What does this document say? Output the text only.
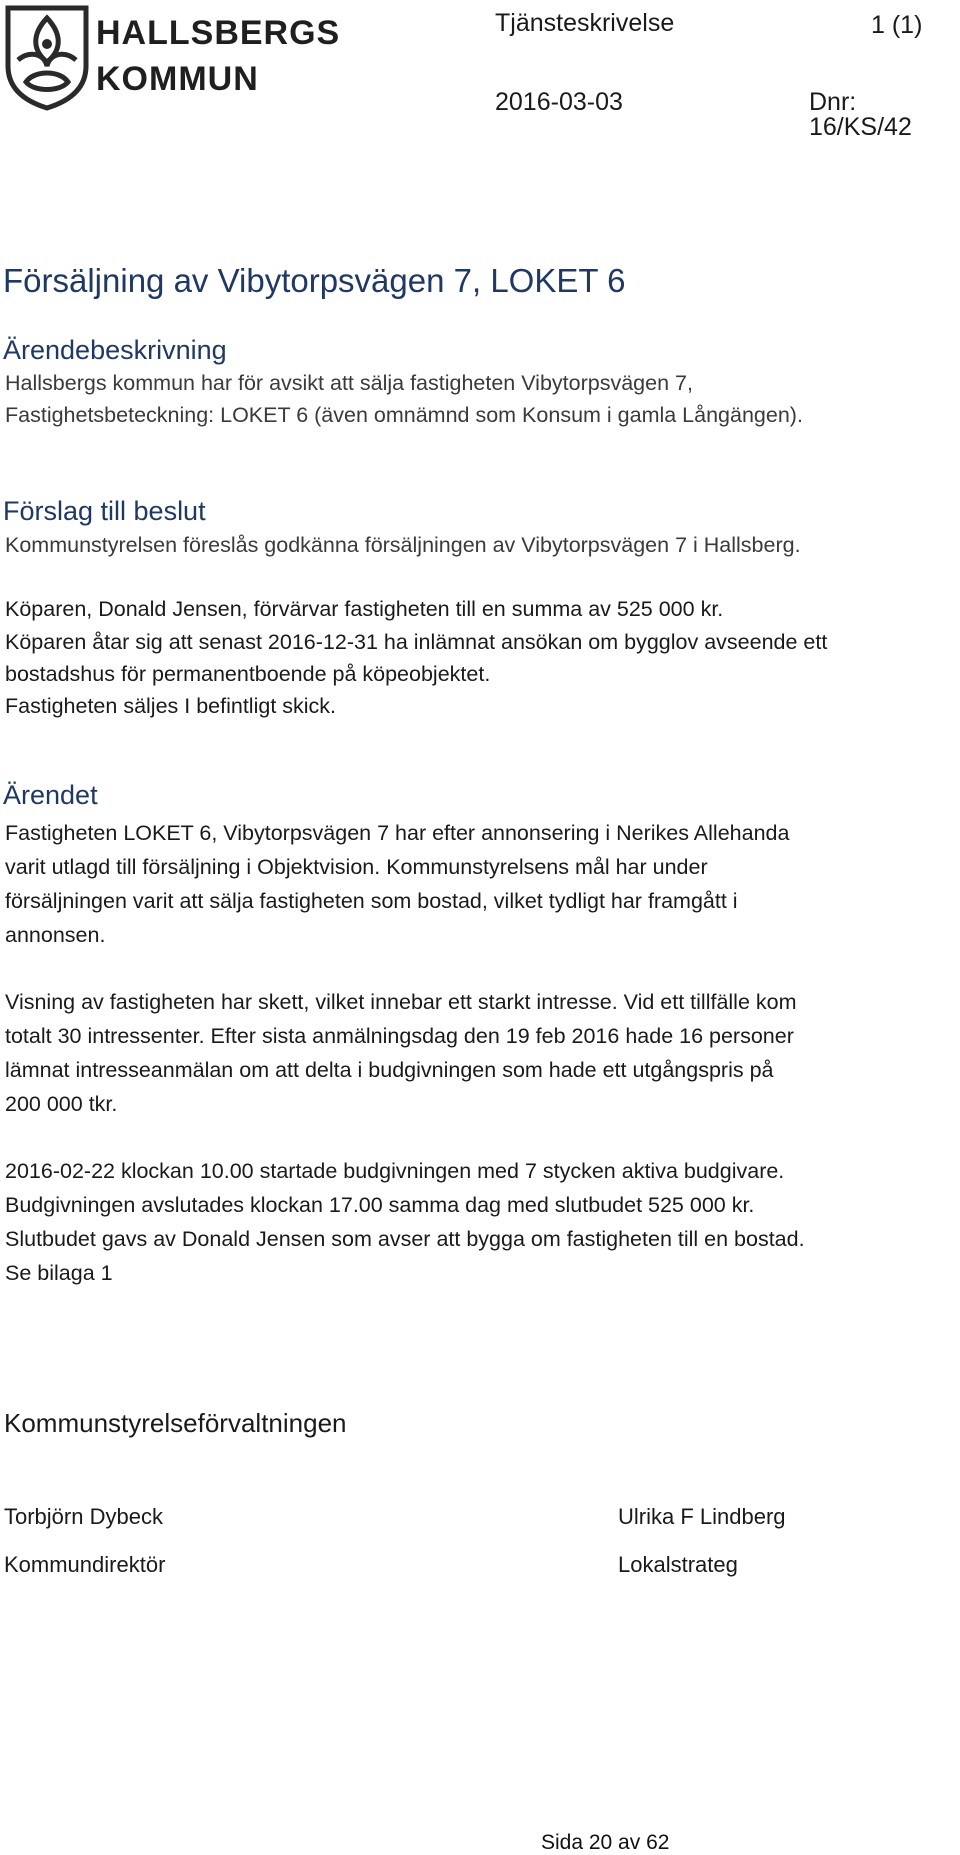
HALLSBERGS
KOMMUN
Tjänsteskrivelse	1 (1)
2016-03-03	Dnr: 16/KS/42
Försäljning av Vibytorpsvägen 7, LOKET 6
Ärendebeskrivning
Hallsbergs kommun har för avsikt att sälja fastigheten Vibytorpsvägen 7,
Fastighetsbeteckning: LOKET 6 (även omnämnd som Konsum i gamla Långängen).
Förslag till beslut
Kommunstyrelsen föreslås godkänna försäljningen av Vibytorpsvägen 7 i Hallsberg.
Köparen, Donald Jensen, förvärvar fastigheten till en summa av 525 000 kr.
Köparen åtar sig att senast 2016-12-31 ha inlämnat ansökan om bygglov avseende ett
bostadshus för permanentboende på köpeobjektet.
Fastigheten säljes I befintligt skick.
Ärendet
Fastigheten LOKET 6, Vibytorpsvägen 7 har efter annonsering i Nerikes Allehanda
varit utlagd till försäljning i Objektvision. Kommunstyrelsens mål har under
försäljningen varit att sälja fastigheten som bostad, vilket tydligt har framgått i
annonsen.
Visning av fastigheten har skett, vilket innebar ett starkt intresse. Vid ett tillfälle kom
totalt 30 intressenter. Efter sista anmälningsdag den 19 feb 2016 hade 16 personer
lämnat intresseanmälan om att delta i budgivningen som hade ett utgångspris på
200 000 tkr.
2016-02-22 klockan 10.00 startade budgivningen med 7 stycken aktiva budgivare.
Budgivningen avslutades klockan 17.00 samma dag med slutbudet 525 000 kr.
Slutbudet gavs av Donald Jensen som avser att bygga om fastigheten till en bostad.
Se bilaga 1
Kommunstyrelseförvaltningen
Torbjörn Dybeck
Kommundirektör
Ulrika F Lindberg
Lokalstrateg
Sida 20 av 62
